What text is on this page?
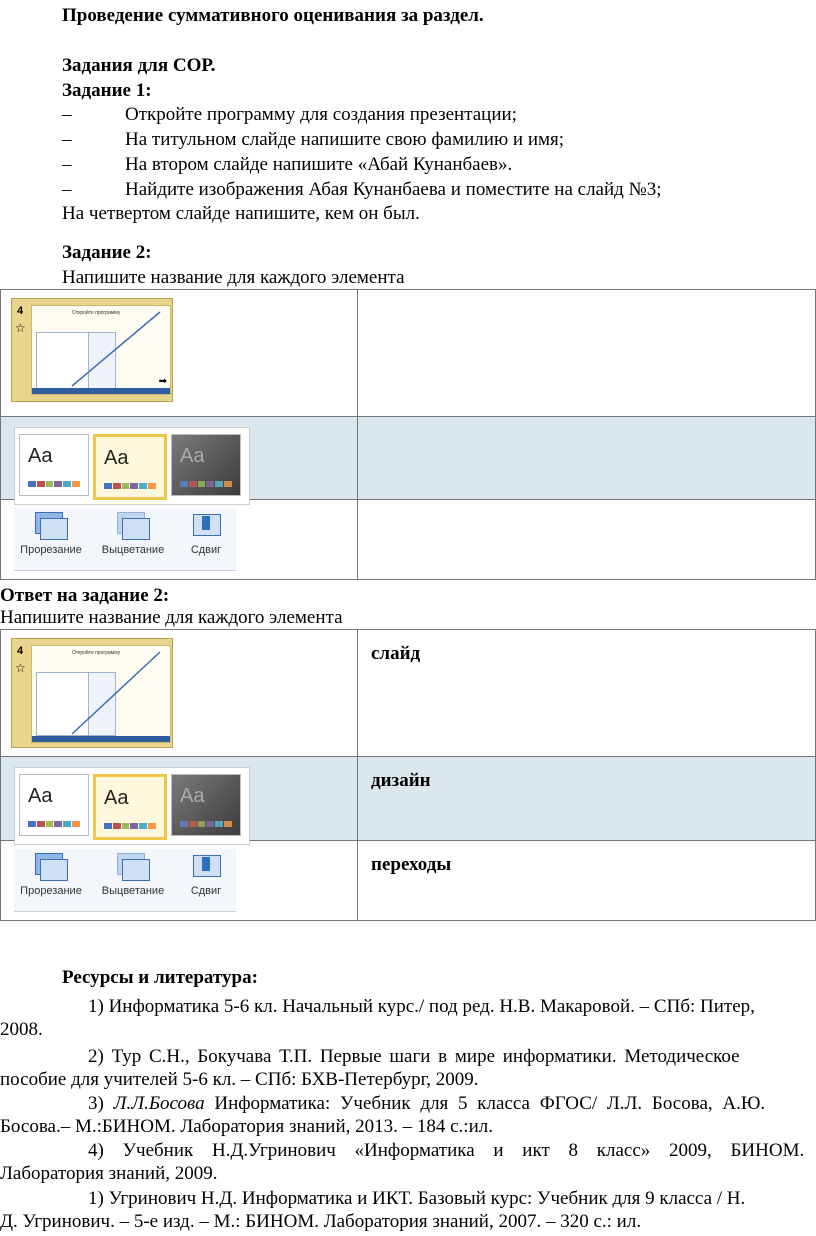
Проведение суммативного оценивания за раздел.
Задания для СОР.
Задание 1:
–	Откройте программу для создания презентации;
–	На титульном слайде напишите свою фамилию и имя;
–	На втором слайде напишите «Абай Кунанбаев».
–	Найдите изображения Абая Кунанбаева и поместите на слайд №3;
На четвертом слайде напишите, кем он был.
Задание 2:
Напишите название для каждого элемента
4
☆
Откройте программу
➡	

Aa Aa Aa	

Прорезание Выцветание Сдвиг	

Ответ на задание 2:
Напишите название для каждого элемента
4
☆
Откройте программу	слайд

Aa Aa Aa	дизайн

Прорезание Выцветание Сдвиг	переходы
Ресурсы и литература:
1) Информатика 5-6 кл. Начальный курс./ под ред. Н.В. Макаровой. – СПб: Питер,
2008.
2) Тур С.Н., Бокучава Т.П. Первые шаги в мире информатики. Методическое
пособие для учителей 5-6 кл. – СПб: БХВ-Петербург, 2009.
3) Л.Л.Босова Информатика: Учебник для 5 класса ФГОС/ Л.Л. Босова, А.Ю.
Босова.– М.:БИНОМ. Лаборатория знаний, 2013. – 184 с.:ил.
4) Учебник Н.Д.Угринович «Информатика и икт 8 класс» 2009, БИНОМ.
Лаборатория знаний, 2009.
1) Угринович Н.Д. Информатика и ИКТ. Базовый курс: Учебник для 9 класса / Н.
Д. Угринович. – 5-е изд. – М.: БИНОМ. Лаборатория знаний, 2007. – 320 с.: ил.
